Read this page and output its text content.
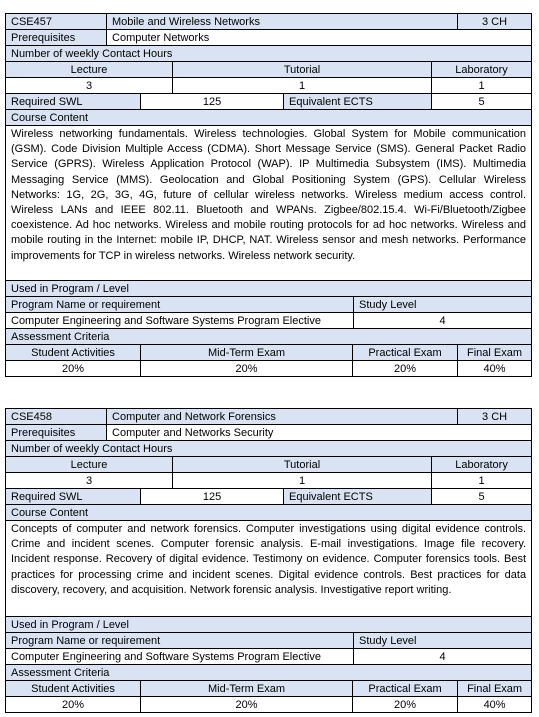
CSE457	Mobile and Wireless Networks						3 CH
Prerequisites	Computer Networks						
Number of weekly Contact Hours							
Lecture			Tutorial			Laboratory	
3			1			1	
Required SWL		125		Equivalent ECTS		5	
Course Content							
Wireless networking fundamentals. Wireless technologies. Global System for Mobile communication (GSM). Code Division Multiple Access (CDMA). Short Message Service (SMS). General Packet Radio Service (GPRS). Wireless Application Protocol (WAP). IP Multimedia Subsystem (IMS). Multimedia Messaging Service (MMS). Geolocation and Global Positioning System (GPS). Cellular Wireless Networks: 1G, 2G, 3G, 4G, future of cellular wireless networks. Wireless medium access control. Wireless LANs and IEEE 802.11. Bluetooth and WPANs. Zigbee/802.15.4. Wi-Fi/Bluetooth/Zigbee coexistence. Ad hoc networks. Wireless and mobile routing protocols for ad hoc networks. Wireless and mobile routing in the Internet: mobile IP, DHCP, NAT. Wireless sensor and mesh networks. Performance improvements for TCP in wireless networks. Wireless network security.							
Used in Program / Level							
Program Name or requirement					Study Level		
Computer Engineering and Software Systems Program Elective					4		
Assessment Criteria							
Student Activities		Mid-Term Exam			Practical Exam		Final Exam
20%		20%			20%		40%
CSE458	Computer and Network Forensics						3 CH
Prerequisites	Computer and Networks Security						
Number of weekly Contact Hours							
Lecture			Tutorial			Laboratory	
3			1			1	
Required SWL		125		Equivalent ECTS		5	
Course Content							
Concepts of computer and network forensics. Computer investigations using digital evidence controls. Crime and incident scenes. Computer forensic analysis. E-mail investigations. Image file recovery. Incident response. Recovery of digital evidence. Testimony on evidence. Computer forensics tools. Best practices for processing crime and incident scenes. Digital evidence controls. Best practices for data discovery, recovery, and acquisition. Network forensic analysis. Investigative report writing.							
Used in Program / Level							
Program Name or requirement					Study Level		
Computer Engineering and Software Systems Program Elective					4		
Assessment Criteria							
Student Activities		Mid-Term Exam			Practical Exam		Final Exam
20%		20%			20%		40%
